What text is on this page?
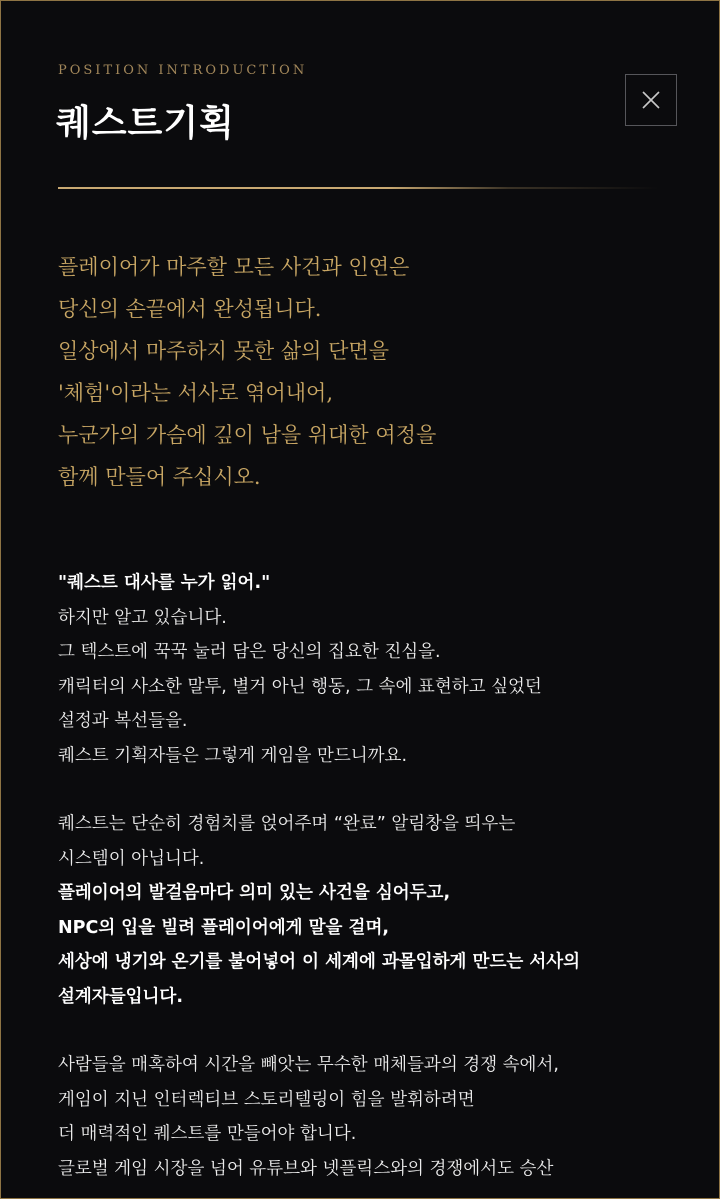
POSITION INTRODUCTION
퀘스트기획
플레이어가 마주할 모든 사건과 인연은
당신의 손끝에서 완성됩니다.
일상에서 마주하지 못한 삶의 단면을
'체험'이라는 서사로 엮어내어,
누군가의 가슴에 깊이 남을 위대한 여정을
함께 만들어 주십시오.
"퀘스트 대사를 누가 읽어."
하지만 알고 있습니다.
그 텍스트에 꾹꾹 눌러 담은 당신의 집요한 진심을.
캐릭터의 사소한 말투, 별거 아닌 행동, 그 속에 표현하고 싶었던
설정과 복선들을.
퀘스트 기획자들은 그렇게 게임을 만드니까요.
퀘스트는 단순히 경험치를 얹어주며 “완료” 알림창을 띄우는
시스템이 아닙니다.
플레이어의 발걸음마다 의미 있는 사건을 심어두고,
NPC의 입을 빌려 플레이어에게 말을 걸며,
세상에 냉기와 온기를 불어넣어 이 세계에 과몰입하게 만드는 서사의
설계자들입니다.
사람들을 매혹하여 시간을 빼앗는 무수한 매체들과의 경쟁 속에서,
게임이 지닌 인터렉티브 스토리텔링이 힘을 발휘하려면
더 매력적인 퀘스트를 만들어야 합니다.
글로벌 게임 시장을 넘어 유튜브와 넷플릭스와의 경쟁에서도 승산
